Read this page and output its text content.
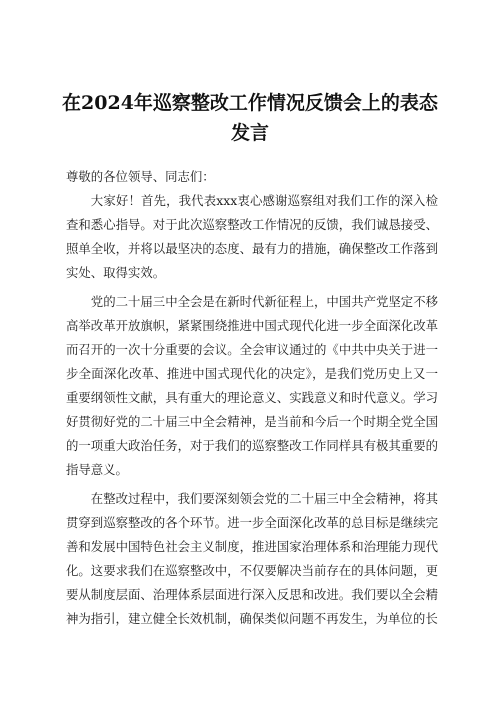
在2024年巡察整改工作情况反馈会上的表态发言

尊敬的各位领导、同志们：

大家好！首先，我代表xxx衷心感谢巡察组对我们工作的深入检查和悉心指导。对于此次巡察整改工作情况的反馈，我们诚恳接受、照单全收，并将以最坚决的态度、最有力的措施，确保整改工作落到实处、取得实效。

党的二十届三中全会是在新时代新征程上，中国共产党坚定不移高举改革开放旗帜，紧紧围绕推进中国式现代化进一步全面深化改革而召开的一次十分重要的会议。全会审议通过的《中共中央关于进一步全面深化改革、推进中国式现代化的决定》，是我们党历史上又一重要纲领性文献，具有重大的理论意义、实践意义和时代意义。学习好贯彻好党的二十届三中全会精神，是当前和今后一个时期全党全国的一项重大政治任务，对于我们的巡察整改工作同样具有极其重要的指导意义。

在整改过程中，我们要深刻领会党的二十届三中全会精神，将其贯穿到巡察整改的各个环节。进一步全面深化改革的总目标是继续完善和发展中国特色社会主义制度，推进国家治理体系和治理能力现代化。这要求我们在巡察整改中，不仅要解决当前存在的具体问题，更要从制度层面、治理体系层面进行深入反思和改进。我们要以全会精神为指引，建立健全长效机制，确保类似问题不再发生，为单位的长
